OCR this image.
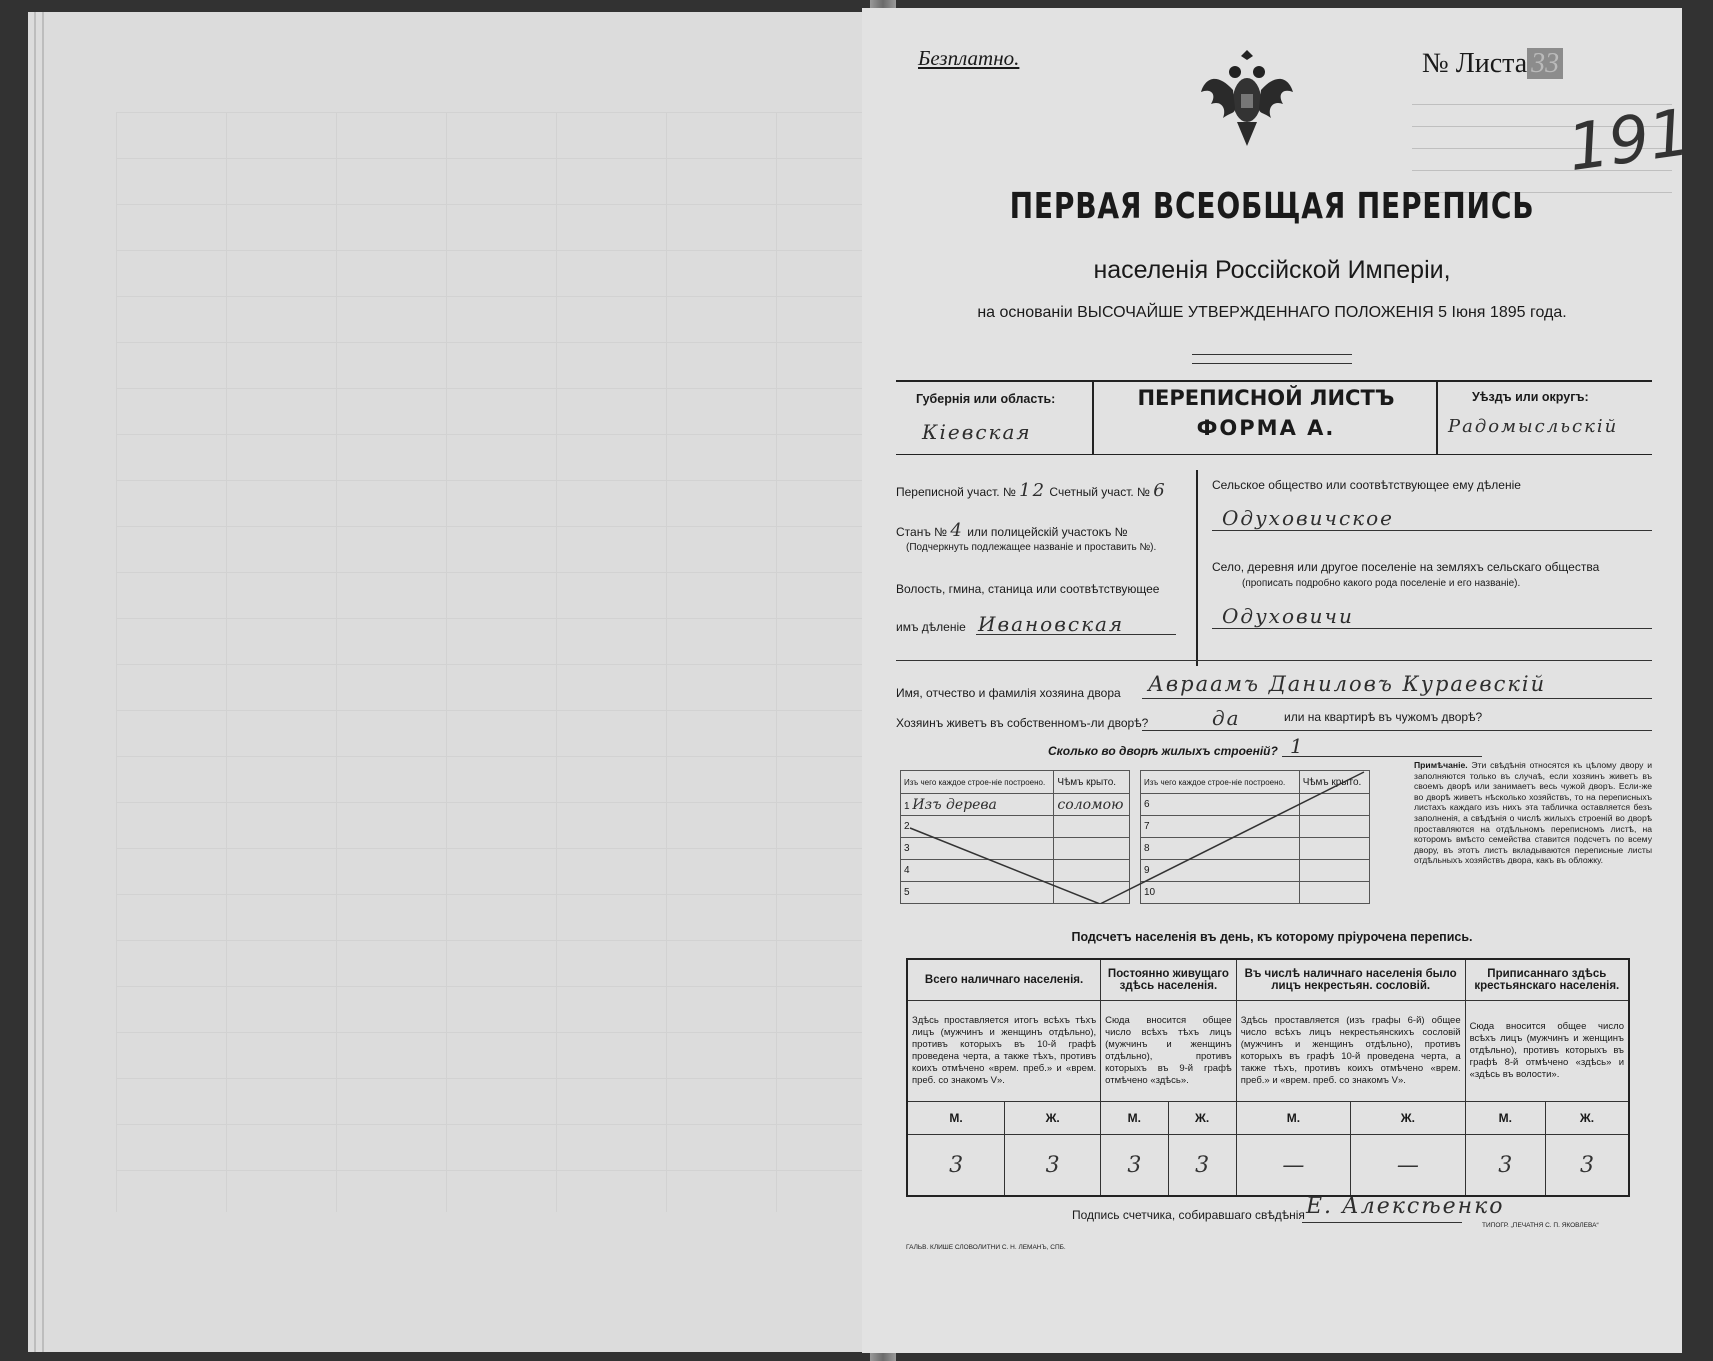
Безплатно.	№ Листа 33
191
ПЕРВАЯ ВСЕОБЩАЯ ПЕРЕПИСЬ
населенія Россійской Имперіи,
на основаніи ВЫСОЧАЙШЕ УТВЕРЖДЕННАГО ПОЛОЖЕНІЯ 5 Іюня 1895 года.
Губернія или область:
Кіевская
ПЕРЕПИСНОЙ ЛИСТЪ
ФОРМА А.
Уѣздъ или округъ:
Радомысльскій
Переписной участ. № 12 Счетный участ. № 6
Станъ № 4 или полицейскій участокъ №
(Подчеркнуть подлежащее названіе и проставить №).
Волость, гмина, станица или соотвѣтствующее
имъ дѣленіе Ивановская
Сельское общество или соотвѣтствующее ему дѣленіе
Одуховичское
Село, деревня или другое поселеніе на земляхъ сельскаго общества
(прописать подробно какого рода поселеніе и его названіе).
Одуховичи
Имя, отчество и фамилія хозяина двора Авраамъ Даниловъ Кураевскій
Хозяинъ живетъ въ собственномъ-ли дворѣ?	да	или на квартирѣ въ чужомъ дворѣ?
Сколько во дворѣ жилыхъ строеній? 1
Изъ чего каждое строе-ніе построено.	Чѣмъ крыто.
1 Изъ дерева	соломою
2	
3	
4	
5	
Изъ чего каждое строе-ніе построено.	Чѣмъ крыто.
6	
7	
8	
9	
10	
Примѣчаніе. Эти свѣдѣнія относятся къ цѣлому двору и заполняются только въ случаѣ, если хозяинъ живетъ въ своемъ дворѣ или занимаетъ весь чужой дворъ. Если-же во дворѣ живетъ нѣсколько хозяйствъ, то на переписныхъ листахъ каждаго изъ нихъ эта табличка оставляется безъ заполненія, а свѣдѣнія о числѣ жилыхъ строеній во дворѣ проставляются на отдѣльномъ переписномъ листѣ, на которомъ вмѣсто семейства ставится подсчетъ по всему двору, въ этотъ листъ вкладываются переписные листы отдѣльныхъ хозяйствъ двора, какъ въ обложку.
Подсчетъ населенія въ день, къ которому пріурочена перепись.
Всего наличнаго населенія.		Постоянно живущаго здѣсь населенія.		Въ числѣ наличнаго населенія было лицъ некрестьян. сословій.		Приписаннаго здѣсь крестьянскаго населенія.	
Здѣсь проставляется итогъ всѣхъ тѣхъ лицъ (мужчинъ и женщинъ отдѣльно), противъ которыхъ въ 10-й графѣ проведена черта, а также тѣхъ, противъ коихъ отмѣчено «врем. преб.» и «врем. преб. со знакомъ V».		Сюда вносится общее число всѣхъ тѣхъ лицъ (мужчинъ и женщинъ отдѣльно), противъ которыхъ въ 9-й графѣ отмѣчено «здѣсь».		Здѣсь проставляется (изъ графы 6-й) общее число всѣхъ лицъ некрестьянскихъ сословій (мужчинъ и женщинъ отдѣльно), противъ которыхъ въ графѣ 10-й проведена черта, а также тѣхъ, противъ коихъ отмѣчено «врем. преб.» и «врем. преб. со знакомъ V».		Сюда вносится общее число всѣхъ лицъ (мужчинъ и женщинъ отдѣльно), противъ которыхъ въ графѣ 8-й отмѣчено «здѣсь» и «здѣсь въ волости».	
М.	Ж.	М.	Ж.	М.	Ж.	М.	Ж.
3	3	3	3	—	—	3	3
Подпись счетчика, собиравшаго свѣдѣнія Е. Алексѣенко
ГАЛЬВ. КЛИШЕ СЛОВОЛИТНИ С. Н. ЛЕМАНЪ, СПБ.
ТИПОГР. „ПЕЧАТНЯ С. П. ЯКОВЛЕВА“
